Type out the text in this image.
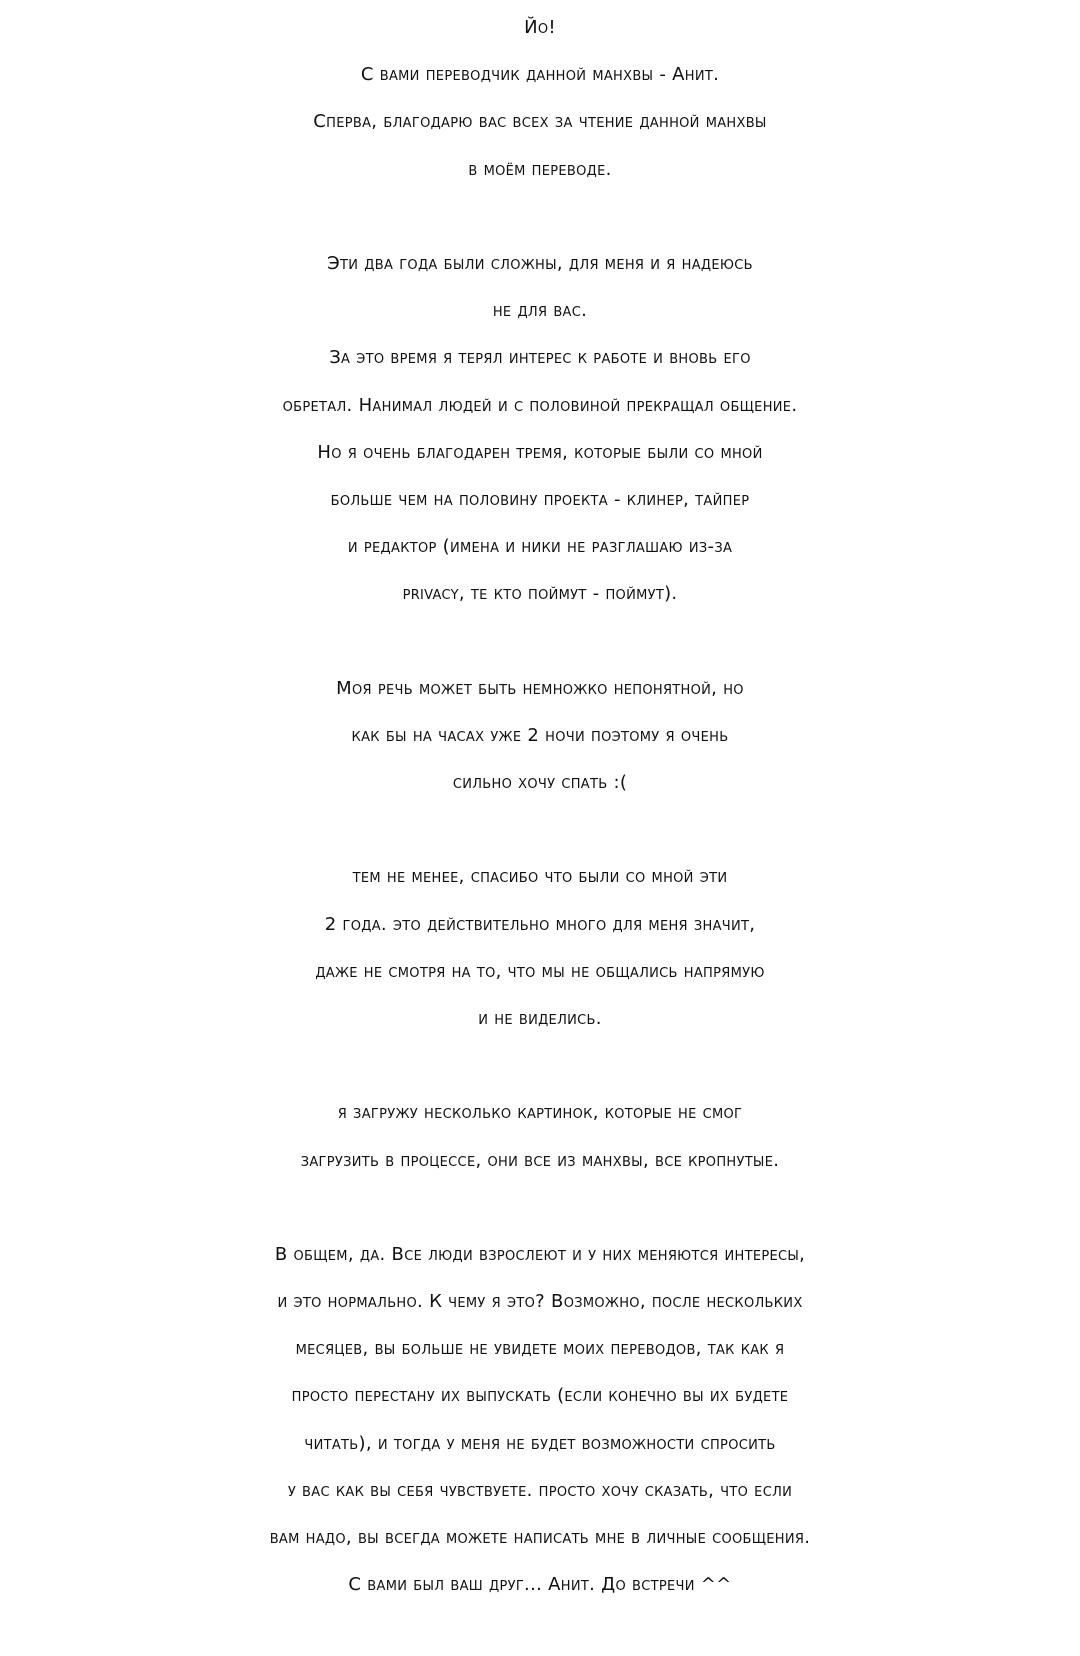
Йо!
С вами переводчик данной манхвы - Анит.
Сперва, благодарю вас всех за чтение данной манхвы
в моём переводе.
Эти два года были сложны, для меня и я надеюсь
не для вас.
За это время я терял интерес к работе и вновь его
обретал. Нанимал людей и с половиной прекращал общение.
Но я очень благодарен тремя, которые были со мной
больше чем на половину проекта - клинер, тайпер
и редактор (имена и ники не разглашаю из-за
privacy, те кто поймут - поймут).
Моя речь может быть немножко непонятной, но
как бы на часах уже 2 ночи поэтому я очень
сильно хочу спать :(
тем не менее, спасибо что были со мной эти
2 года. это действительно много для меня значит,
даже не смотря на то, что мы не общались напрямую
и не виделись.
я загружу несколько картинок, которые не смог
загрузить в процессе, они все из манхвы, все кропнутые.
В общем, да. Все люди взрослеют и у них меняются интересы,
и это нормально. К чему я это? Возможно, после нескольких
месяцев, вы больше не увидете моих переводов, так как я
просто перестану их выпускать (если конечно вы их будете
читать), и тогда у меня не будет возможности спросить
у вас как вы себя чувствуете. просто хочу сказать, что если
вам надо, вы всегда можете написать мне в личные сообщения.
С вами был ваш друг... Анит. До встречи ^^
